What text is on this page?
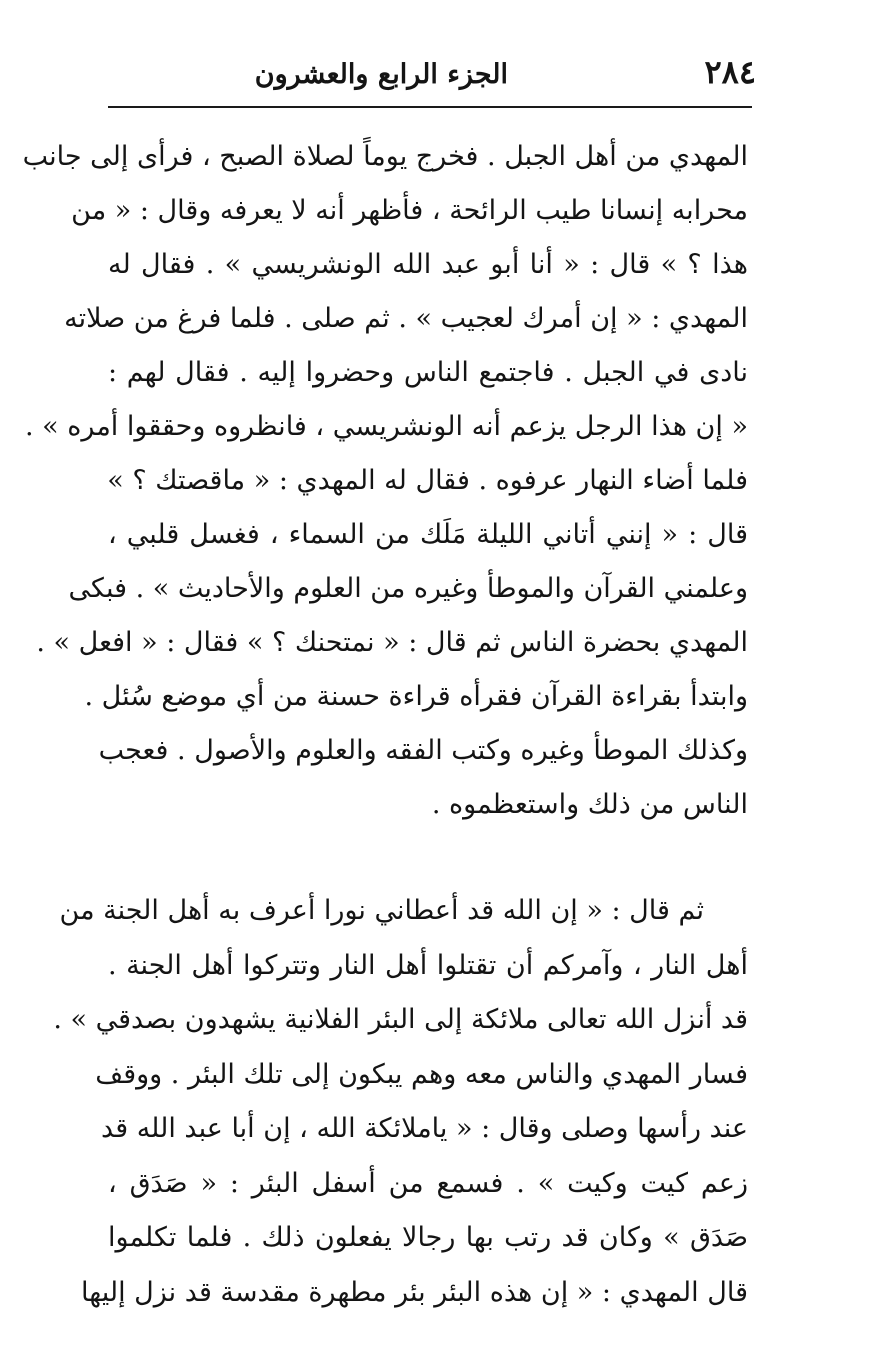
٢٨٤
الجزء الرابع والعشرون
المهدي من أهل الجبل . فخرج يوماً لصلاة الصبح ، فرأى إلى جانب
محرابه إنسانا طيب الرائحة ، فأظهر أنه لا يعرفه وقال : « من
هذا ؟ » قال : « أنا أبو عبد الله الونشريسي » . فقال له
المهدي : « إن أمرك لعجيب » . ثم صلى . فلما فرغ من صلاته
نادى في الجبل . فاجتمع الناس وحضروا إليه . فقال لهم :
« إن هذا الرجل يزعم أنه الونشريسي ، فانظروه وحققوا أمره » .
فلما أضاء النهار عرفوه . فقال له المهدي : « ماقصتك ؟ »
قال : « إنني أتاني الليلة مَلَك من السماء ، فغسل قلبي ،
وعلمني القرآن والموطأ وغيره من العلوم والأحاديث » . فبكى
المهدي بحضرة الناس ثم قال : « نمتحنك ؟ » فقال : « افعل » .
وابتدأ بقراءة القرآن فقرأه قراءة حسنة من أي موضع سُئل .
وكذلك الموطأ وغيره وكتب الفقه والعلوم والأصول . فعجب
الناس من ذلك واستعظموه .
ثم قال : « إن الله قد أعطاني نورا أعرف به أهل الجنة من
أهل النار ، وآمركم أن تقتلوا أهل النار وتتركوا أهل الجنة .
قد أنزل الله تعالى ملائكة إلى البئر الفلانية يشهدون بصدقي » .
فسار المهدي والناس معه وهم يبكون إلى تلك البئر . ووقف
عند رأسها وصلى وقال : « ياملائكة الله ، إن أبا عبد الله قد
زعم كيت وكيت » . فسمع من أسفل البئر : « صَدَق ،
صَدَق » وكان قد رتب بها رجالا يفعلون ذلك . فلما تكلموا
قال المهدي : « إن هذه البئر بئر مطهرة مقدسة قد نزل إليها
